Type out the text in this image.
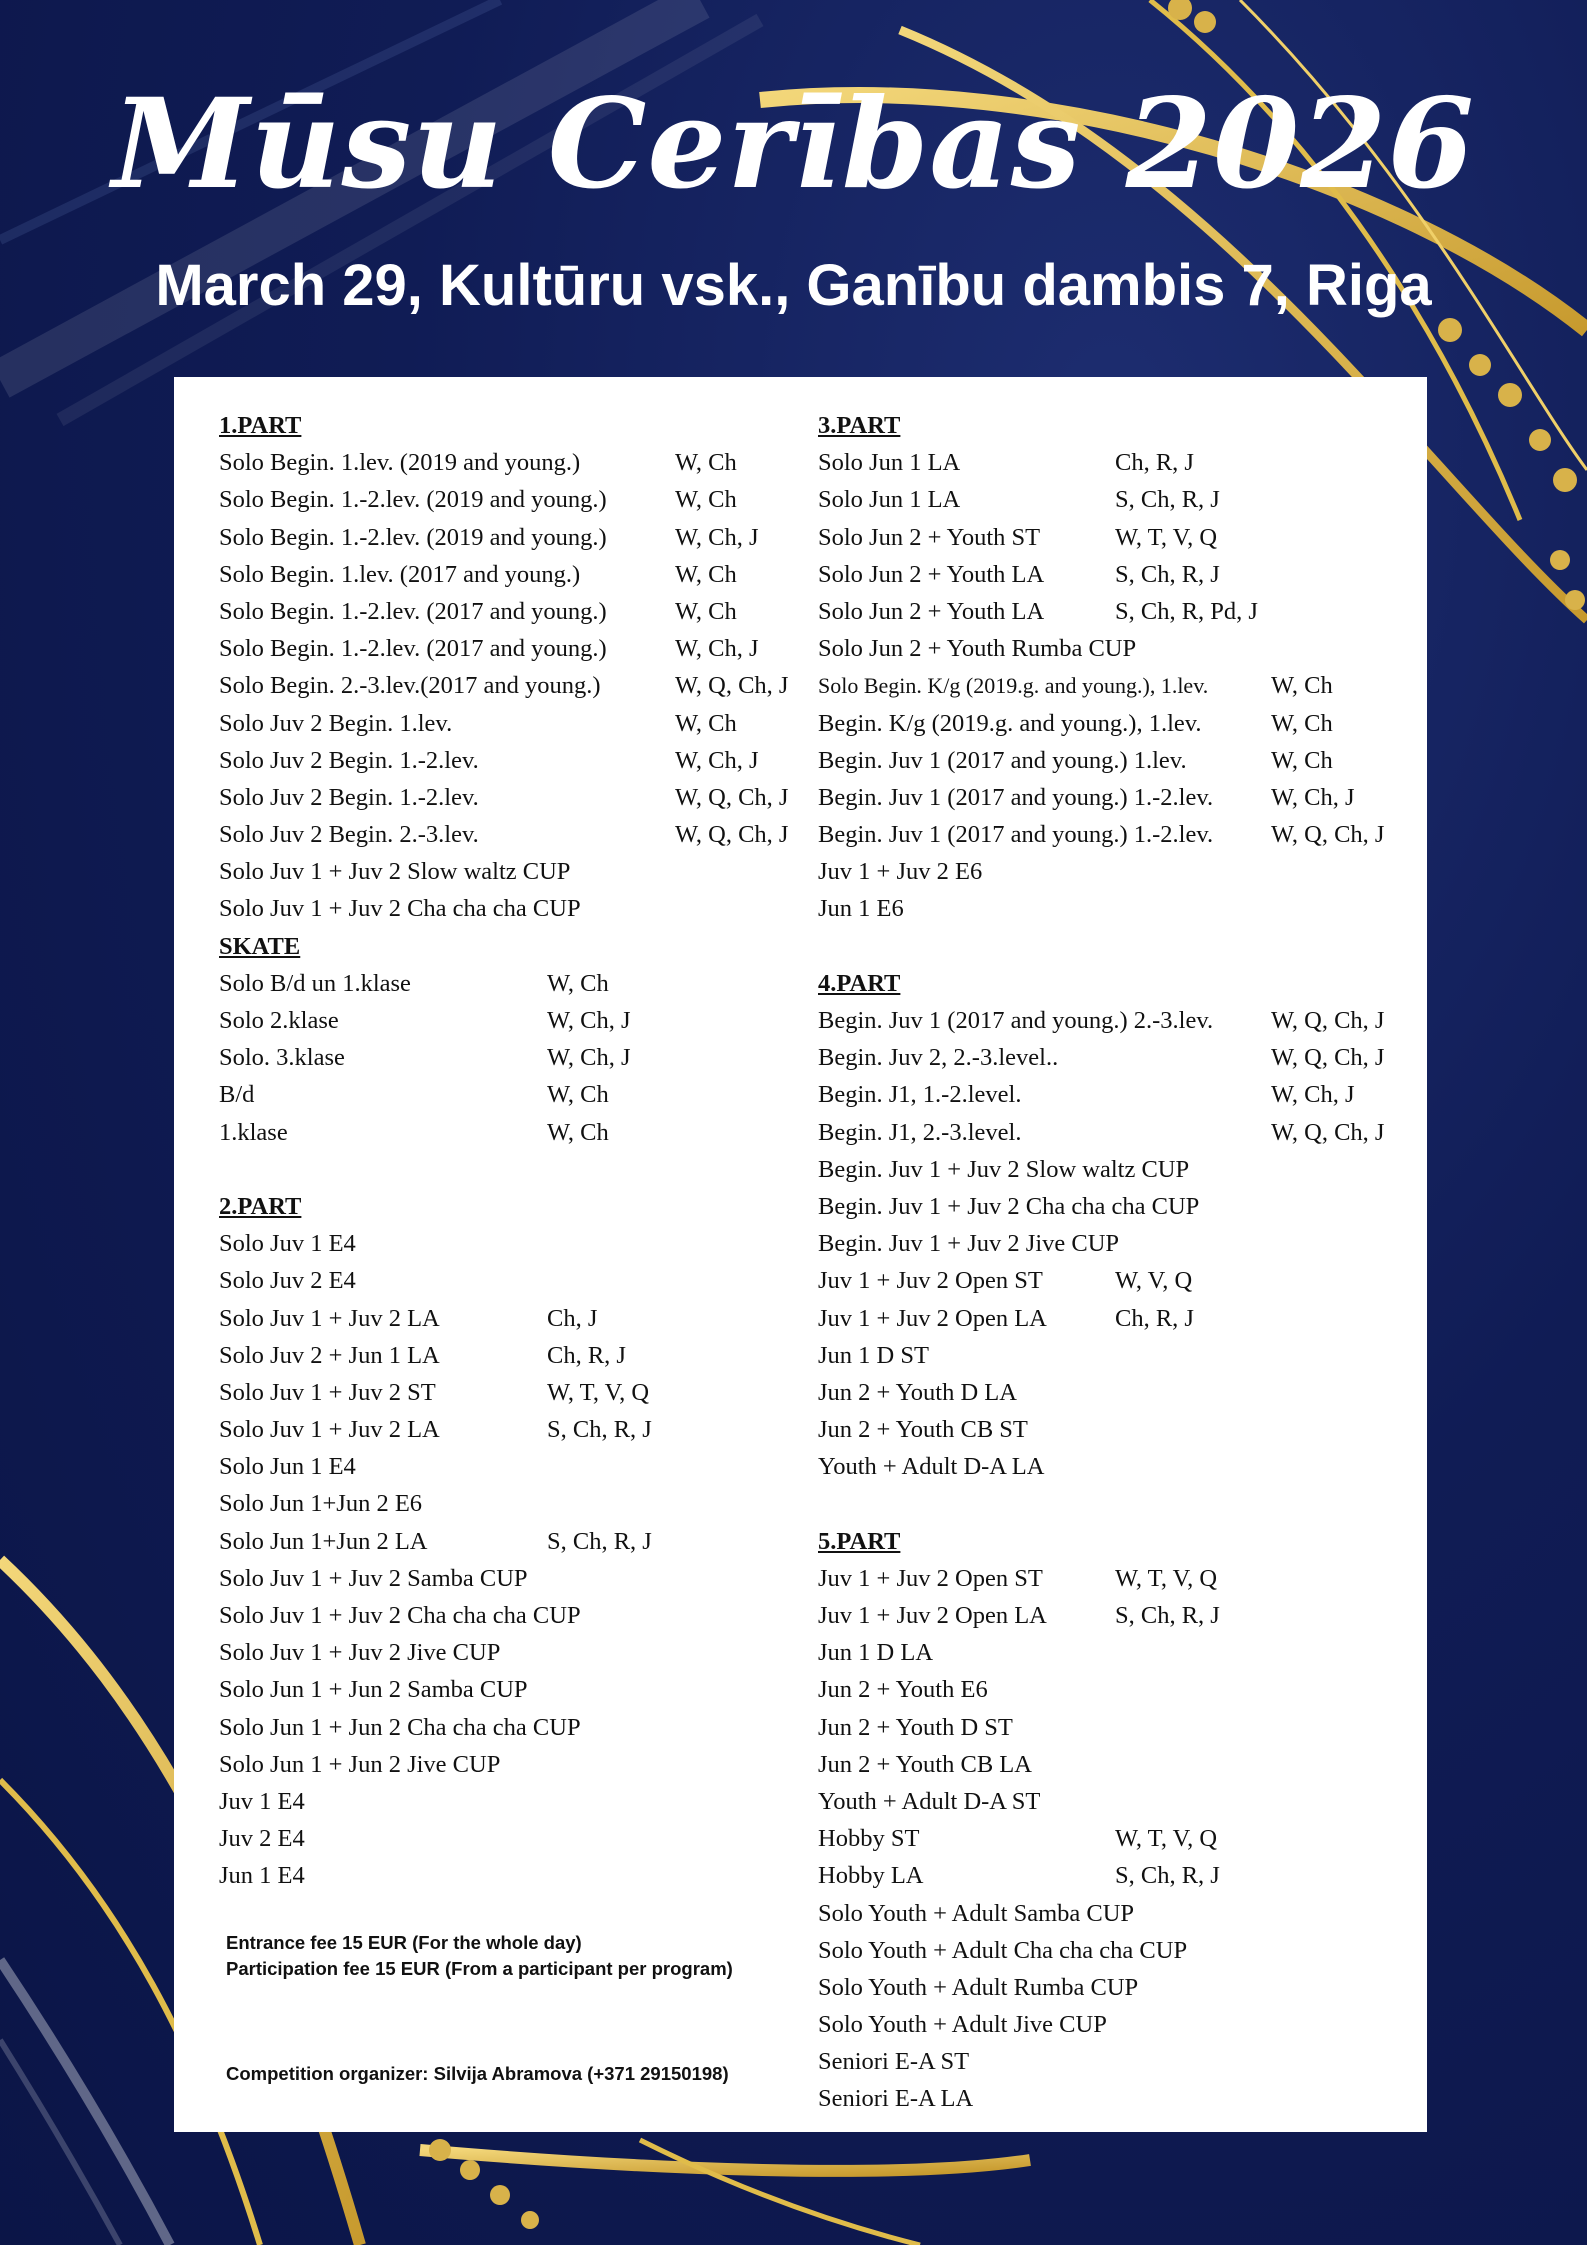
Mūsu Cerības 2026
March 29, Kultūru vsk., Ganību dambis 7, Riga
1.PART
Solo Begin. 1.lev. (2019 and young.)	W, Ch
Solo Begin. 1.-2.lev. (2019 and young.)	W, Ch
Solo Begin. 1.-2.lev. (2019 and young.)	W, Ch, J
Solo Begin. 1.lev. (2017 and young.)	W, Ch
Solo Begin. 1.-2.lev. (2017 and young.)	W, Ch
Solo Begin. 1.-2.lev. (2017 and young.)	W, Ch, J
Solo Begin. 2.-3.lev.(2017 and young.)	W, Q, Ch, J
Solo Juv 2 Begin. 1.lev.	W, Ch
Solo Juv 2 Begin. 1.-2.lev.	W, Ch, J
Solo Juv 2 Begin. 1.-2.lev.	W, Q, Ch, J
Solo Juv 2 Begin. 2.-3.lev.	W, Q, Ch, J
Solo Juv 1 + Juv 2 Slow waltz CUP
Solo Juv 1 + Juv 2 Cha cha cha CUP
SKATE
Solo B/d un 1.klase	W, Ch
Solo 2.klase	W, Ch, J
Solo. 3.klase	W, Ch, J
B/d	W, Ch
1.klase	W, Ch
2.PART
Solo Juv 1 E4
Solo Juv 2 E4
Solo Juv 1 + Juv 2 LA	Ch, J
Solo Juv 2 + Jun 1 LA	Ch, R, J
Solo Juv 1 + Juv 2 ST	W, T, V, Q
Solo Juv 1 + Juv 2 LA	S, Ch, R, J
Solo Jun 1 E4
Solo Jun 1+Jun 2 E6
Solo Jun 1+Jun 2 LA	S, Ch, R, J
Solo Juv 1 + Juv 2 Samba CUP
Solo Juv 1 + Juv 2 Cha cha cha CUP
Solo Juv 1 + Juv 2 Jive CUP
Solo Jun 1 + Jun 2 Samba CUP
Solo Jun 1 + Jun 2 Cha cha cha CUP
Solo Jun 1 + Jun 2 Jive CUP
Juv 1 E4
Juv 2 E4
Jun 1 E4
3.PART
Solo Jun 1 LA	Ch, R, J
Solo Jun 1 LA	S, Ch, R, J
Solo Jun 2 + Youth ST	W, T, V, Q
Solo Jun 2 + Youth LA	S, Ch, R, J
Solo Jun 2 + Youth LA	S, Ch, R, Pd, J
Solo Jun 2 + Youth Rumba CUP
Solo Begin. K/g (2019.g. and young.), 1.lev.	W, Ch
Begin. K/g (2019.g. and young.), 1.lev.	W, Ch
Begin. Juv 1 (2017 and young.) 1.lev.	W, Ch
Begin. Juv 1 (2017 and young.) 1.-2.lev. W, Ch, J
Begin. Juv 1 (2017 and young.) 1.-2.lev. W, Q, Ch, J
Juv 1 + Juv 2 E6
Jun 1 E6
4.PART
Begin. Juv 1 (2017 and young.) 2.-3.lev. W, Q, Ch, J
Begin. Juv 2, 2.-3.level..	W, Q, Ch, J
Begin. J1, 1.-2.level.	W, Ch, J
Begin. J1, 2.-3.level.	W, Q, Ch, J
Begin. Juv 1 + Juv 2 Slow waltz CUP
Begin. Juv 1 + Juv 2 Cha cha cha CUP
Begin. Juv 1 + Juv 2 Jive CUP
Juv 1 + Juv 2 Open ST	W, V, Q
Juv 1 + Juv 2 Open LA	Ch, R, J
Jun 1 D ST
Jun 2 + Youth D LA
Jun 2 + Youth CB ST
Youth + Adult D-A LA
5.PART
Juv 1 + Juv 2 Open ST	W, T, V, Q
Juv 1 + Juv 2 Open LA	S, Ch, R, J
Jun 1 D LA
Jun 2 + Youth E6
Jun 2 + Youth D ST
Jun 2 + Youth CB LA
Youth + Adult D-A ST
Hobby ST	W, T, V, Q
Hobby LA	S, Ch, R, J
Solo Youth + Adult Samba CUP
Solo Youth + Adult Cha cha cha CUP
Solo Youth + Adult Rumba CUP
Solo Youth + Adult Jive CUP
Seniori E-A ST
Seniori E-A LA
Entrance fee 15 EUR (For the whole day)
Participation fee 15 EUR (From a participant per program)
Competition organizer: Silvija Abramova (+371 29150198)
